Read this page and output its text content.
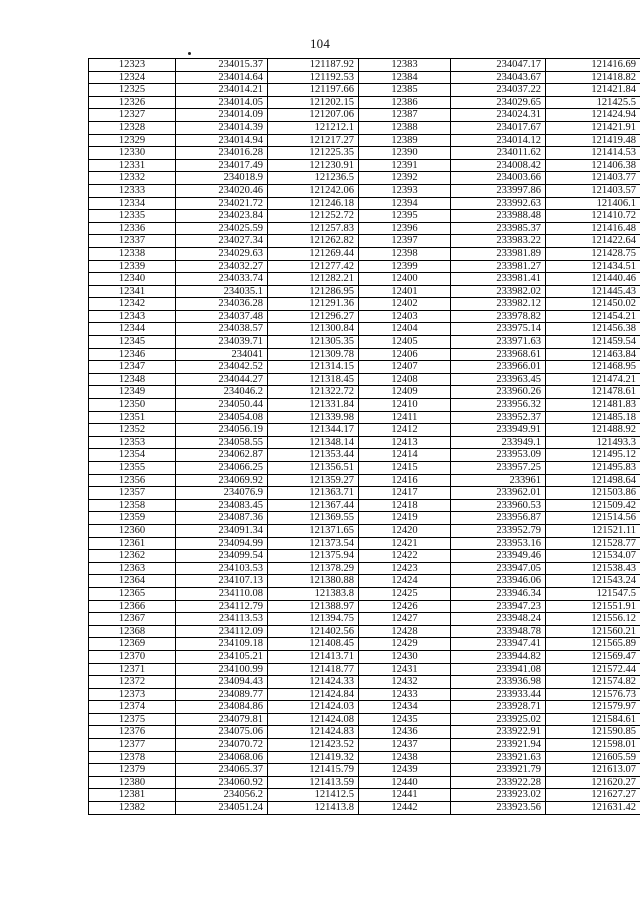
104
12323	234015.37	121187.92	12383	234047.17	121416.69
12324	234014.64	121192.53	12384	234043.67	121418.82
12325	234014.21	121197.66	12385	234037.22	121421.84
12326	234014.05	121202.15	12386	234029.65	121425.5
12327	234014.09	121207.06	12387	234024.31	121424.94
12328	234014.39	121212.1	12388	234017.67	121421.91
12329	234014.94	121217.27	12389	234014.12	121419.48
12330	234016.28	121225.35	12390	234011.62	121414.53
12331	234017.49	121230.91	12391	234008.42	121406.38
12332	234018.9	121236.5	12392	234003.66	121403.77
12333	234020.46	121242.06	12393	233997.86	121403.57
12334	234021.72	121246.18	12394	233992.63	121406.1
12335	234023.84	121252.72	12395	233988.48	121410.72
12336	234025.59	121257.83	12396	233985.37	121416.48
12337	234027.34	121262.82	12397	233983.22	121422.64
12338	234029.63	121269.44	12398	233981.89	121428.75
12339	234032.27	121277.42	12399	233981.27	121434.51
12340	234033.74	121282.21	12400	233981.41	121440.46
12341	234035.1	121286.95	12401	233982.02	121445.43
12342	234036.28	121291.36	12402	233982.12	121450.02
12343	234037.48	121296.27	12403	233978.82	121454.21
12344	234038.57	121300.84	12404	233975.14	121456.38
12345	234039.71	121305.35	12405	233971.63	121459.54
12346	234041	121309.78	12406	233968.61	121463.84
12347	234042.52	121314.15	12407	233966.01	121468.95
12348	234044.27	121318.45	12408	233963.45	121474.21
12349	234046.2	121322.72	12409	233960.26	121478.61
12350	234050.44	121331.84	12410	233956.32	121481.83
12351	234054.08	121339.98	12411	233952.37	121485.18
12352	234056.19	121344.17	12412	233949.91	121488.92
12353	234058.55	121348.14	12413	233949.1	121493.3
12354	234062.87	121353.44	12414	233953.09	121495.12
12355	234066.25	121356.51	12415	233957.25	121495.83
12356	234069.92	121359.27	12416	233961	121498.64
12357	234076.9	121363.71	12417	233962.01	121503.86
12358	234083.45	121367.44	12418	233960.53	121509.42
12359	234087.36	121369.55	12419	233956.87	121514.56
12360	234091.34	121371.65	12420	233952.79	121521.11
12361	234094.99	121373.54	12421	233953.16	121528.77
12362	234099.54	121375.94	12422	233949.46	121534.07
12363	234103.53	121378.29	12423	233947.05	121538.43
12364	234107.13	121380.88	12424	233946.06	121543.24
12365	234110.08	121383.8	12425	233946.34	121547.5
12366	234112.79	121388.97	12426	233947.23	121551.91
12367	234113.53	121394.75	12427	233948.24	121556.12
12368	234112.09	121402.56	12428	233948.78	121560.21
12369	234109.18	121408.45	12429	233947.41	121565.89
12370	234105.21	121413.71	12430	233944.82	121569.47
12371	234100.99	121418.77	12431	233941.08	121572.44
12372	234094.43	121424.33	12432	233936.98	121574.82
12373	234089.77	121424.84	12433	233933.44	121576.73
12374	234084.86	121424.03	12434	233928.71	121579.97
12375	234079.81	121424.08	12435	233925.02	121584.61
12376	234075.06	121424.83	12436	233922.91	121590.85
12377	234070.72	121423.52	12437	233921.94	121598.01
12378	234068.06	121419.32	12438	233921.63	121605.59
12379	234065.37	121415.79	12439	233921.79	121613.07
12380	234060.92	121413.59	12440	233922.28	121620.27
12381	234056.2	121412.5	12441	233923.02	121627.27
12382	234051.24	121413.8	12442	233923.56	121631.42
